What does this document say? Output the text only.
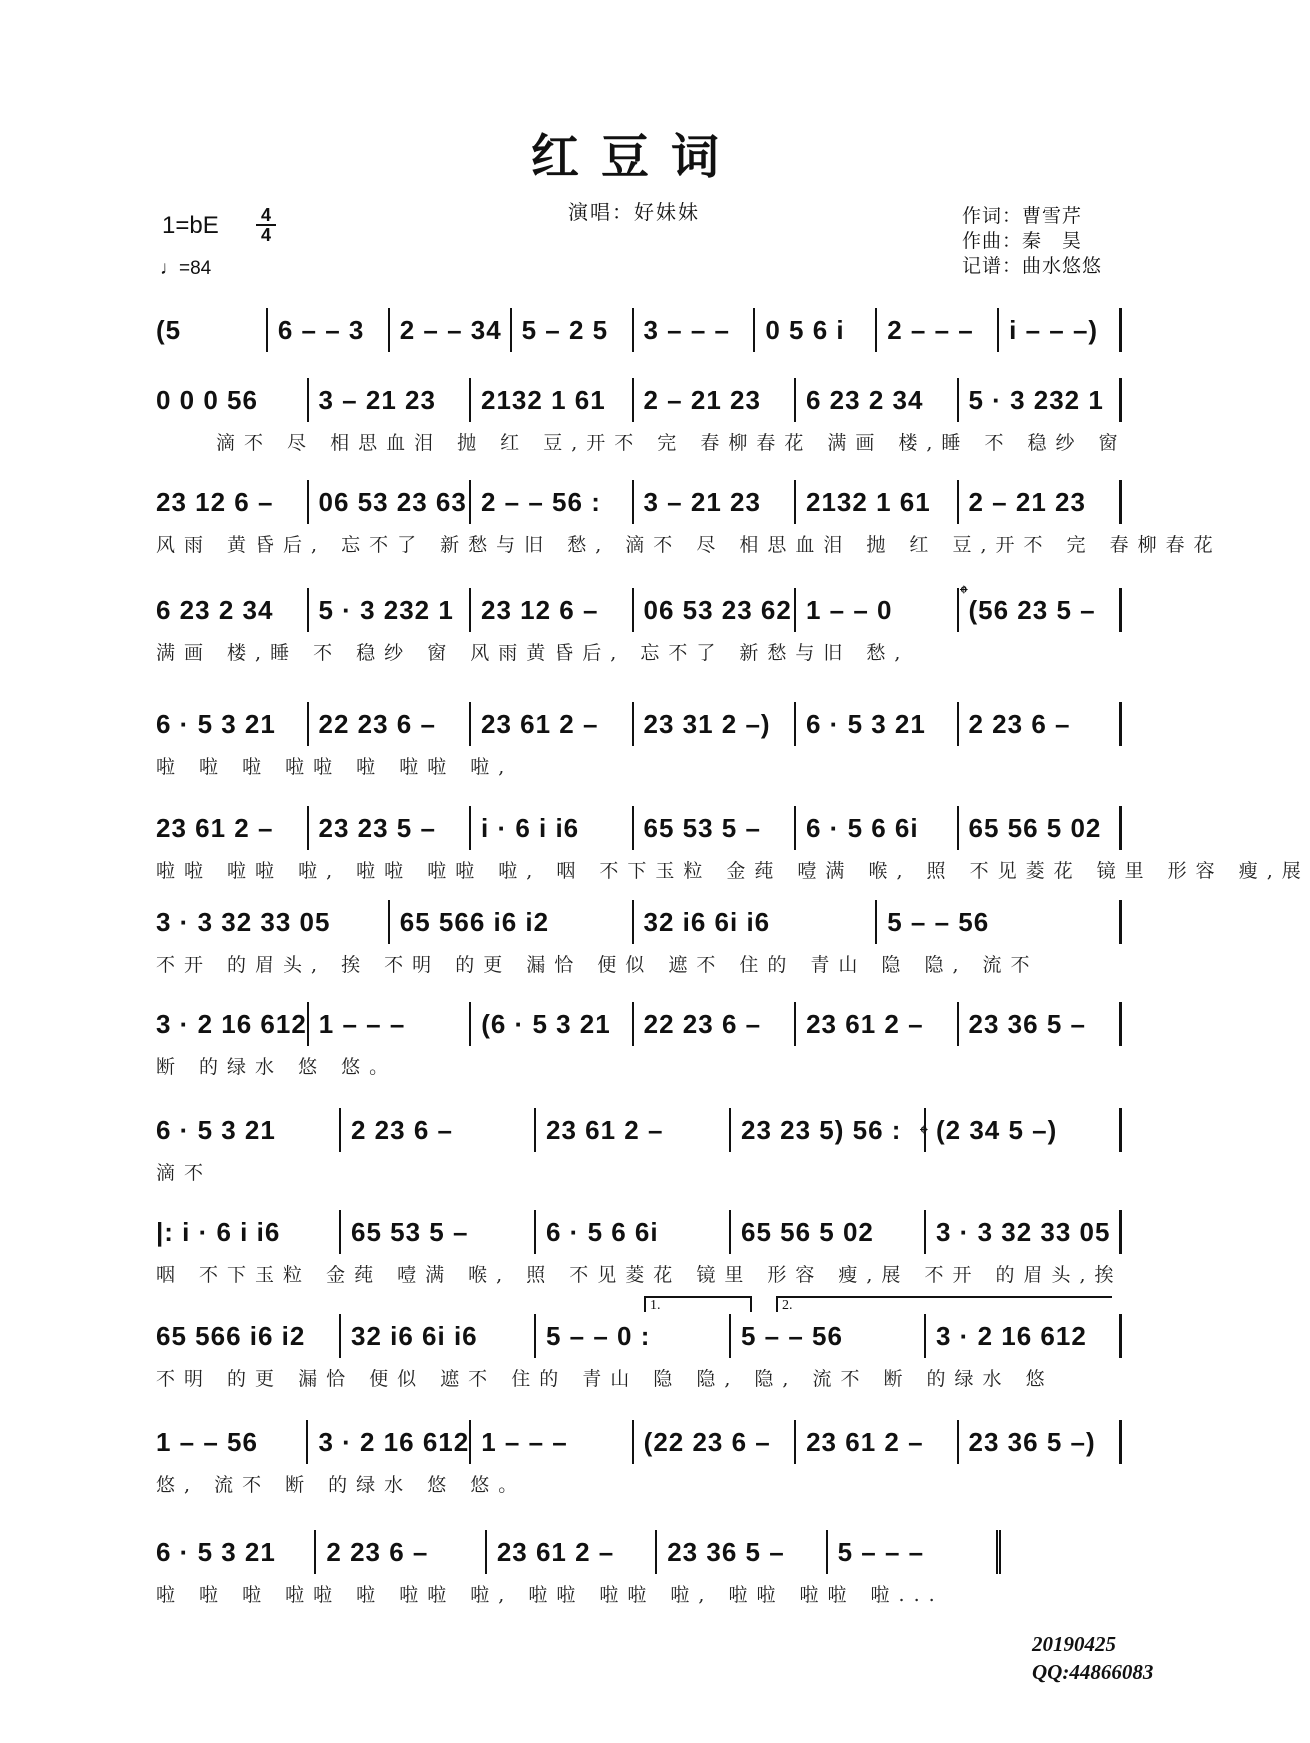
红豆词
演唱：好妹妹
1=bE 4
4
♩=84
作词：曹雪芹
作曲：秦　昊
记谱：曲水悠悠
𝄌
𝄌
1.	2.
(5	6 – – 3	2 – – 34 5 – 2 5	3 – – –	0 5 6 i	2 – – –	i – – –)
0 0 0 56	3 – 21 23	2132 1 61	2 – 21 23	6 23 2 34	5 · 3 232 1
滴不 尽 相思血泪 抛 红 豆,开不 完 春柳春花 满画 楼,睡 不 稳纱 窗
23 12 6 –	06 53 23 63 2 – – 56 :	3 – 21 23	2132 1 61	2 – 21 23
风雨 黄昏后, 忘不了 新愁与旧 愁, 滴不 尽 相思血泪 抛 红 豆,开不 完 春柳春花
6 23 2 34	5 · 3 232 1	23 12 6 –	06 53 23 62 1 – – 0	(56 23 5 –
满画 楼,睡 不 稳纱 窗 风雨黄昏后, 忘不了 新愁与旧 愁,
6 · 5 3 21	22 23 6 –	23 61 2 –	23 31 2 –)	6 · 5 3 21	2 23 6 –
啦 啦 啦 啦啦 啦 啦啦 啦,
23 61 2 –	23 23 5 –	i · 6 i i6	65 53 5 –	6 · 5 6 6i	65 56 5 02
啦啦 啦啦 啦, 啦啦 啦啦 啦, 咽 不下玉粒 金莼 噎满 喉, 照 不见菱花 镜里 形容 瘦,展
3 · 3 32 33 05	65 566 i6 i2	32 i6 6i i6	5 – – 56
不开 的眉头, 挨 不明 的更 漏恰 便似 遮不 住的 青山 隐 隐, 流不
3 · 2 16 612 1 – – –	(6 · 5 3 21	22 23 6 –	23 61 2 –	23 36 5 –
断 的绿水 悠 悠。
6 · 5 3 21	2 23 6 –	23 61 2 –	23 23 5) 56 :	(2 34 5 –)
滴不
|: i · 6 i i6	65 53 5 –	6 · 5 6 6i	65 56 5 02	3 · 3 32 33 05
咽 不下玉粒 金莼 噎满 喉, 照 不见菱花 镜里 形容 瘦,展 不开 的眉头,挨
65 566 i6 i2	32 i6 6i i6	5 – – 0 :	5 – – 56	3 · 2 16 612
不明 的更 漏恰 便似 遮不 住的 青山 隐 隐, 隐, 流不 断 的绿水 悠
1 – – 56	3 · 2 16 612 1 – – –	(22 23 6 –	23 61 2 –	23 36 5 –)
悠, 流不 断 的绿水 悠 悠。
6 · 5 3 21	2 23 6 –	23 61 2 –	23 36 5 –	5 – – –
啦 啦 啦 啦啦 啦 啦啦 啦, 啦啦 啦啦 啦, 啦啦 啦啦 啦...
20190425
QQ:44866083
